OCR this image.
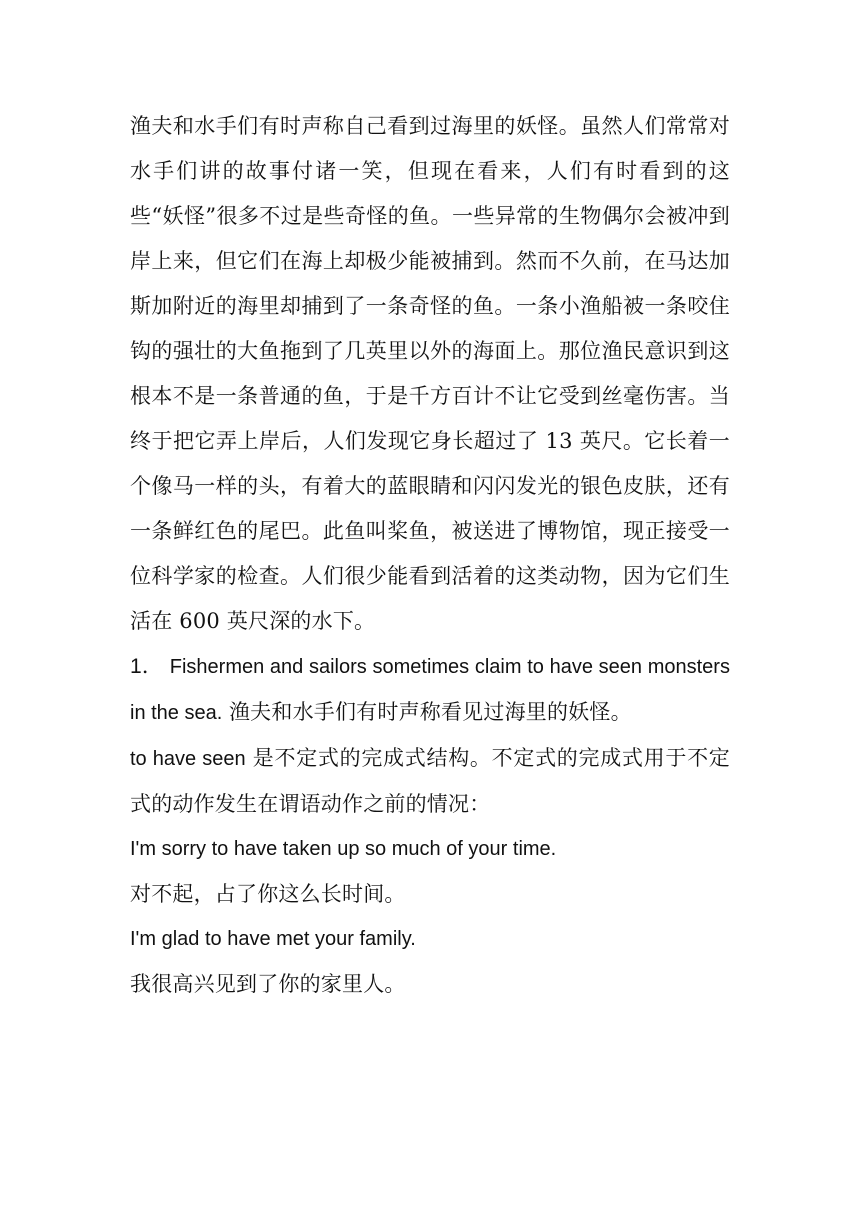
渔夫和水手们有时声称自己看到过海里的妖怪。虽然人们常常对水手们讲的故事付诸一笑，但现在看来，人们有时看到的这些“妖怪”很多不过是些奇怪的鱼。一些异常的生物偶尔会被冲到岸上来，但它们在海上却极少能被捕到。然而不久前，在马达加斯加附近的海里却捕到了一条奇怪的鱼。一条小渔船被一条咬住钩的强壮的大鱼拖到了几英里以外的海面上。那位渔民意识到这根本不是一条普通的鱼，于是千方百计不让它受到丝毫伤害。当终于把它弄上岸后，人们发现它身长超过了 13 英尺。它长着一个像马一样的头，有着大的蓝眼睛和闪闪发光的银色皮肤，还有一条鲜红色的尾巴。此鱼叫桨鱼，被送进了博物馆，现正接受一位科学家的检查。人们很少能看到活着的这类动物，因为它们生活在 600 英尺深的水下。

1． Fishermen and sailors sometimes claim to have seen monsters in the sea. 渔夫和水手们有时声称看见过海里的妖怪。

to have seen 是不定式的完成式结构。不定式的完成式用于不定式的动作发生在谓语动作之前的情况：

I'm sorry to have taken up so much of your time.

对不起，占了你这么长时间。

I'm glad to have met your family.

我很高兴见到了你的家里人。
